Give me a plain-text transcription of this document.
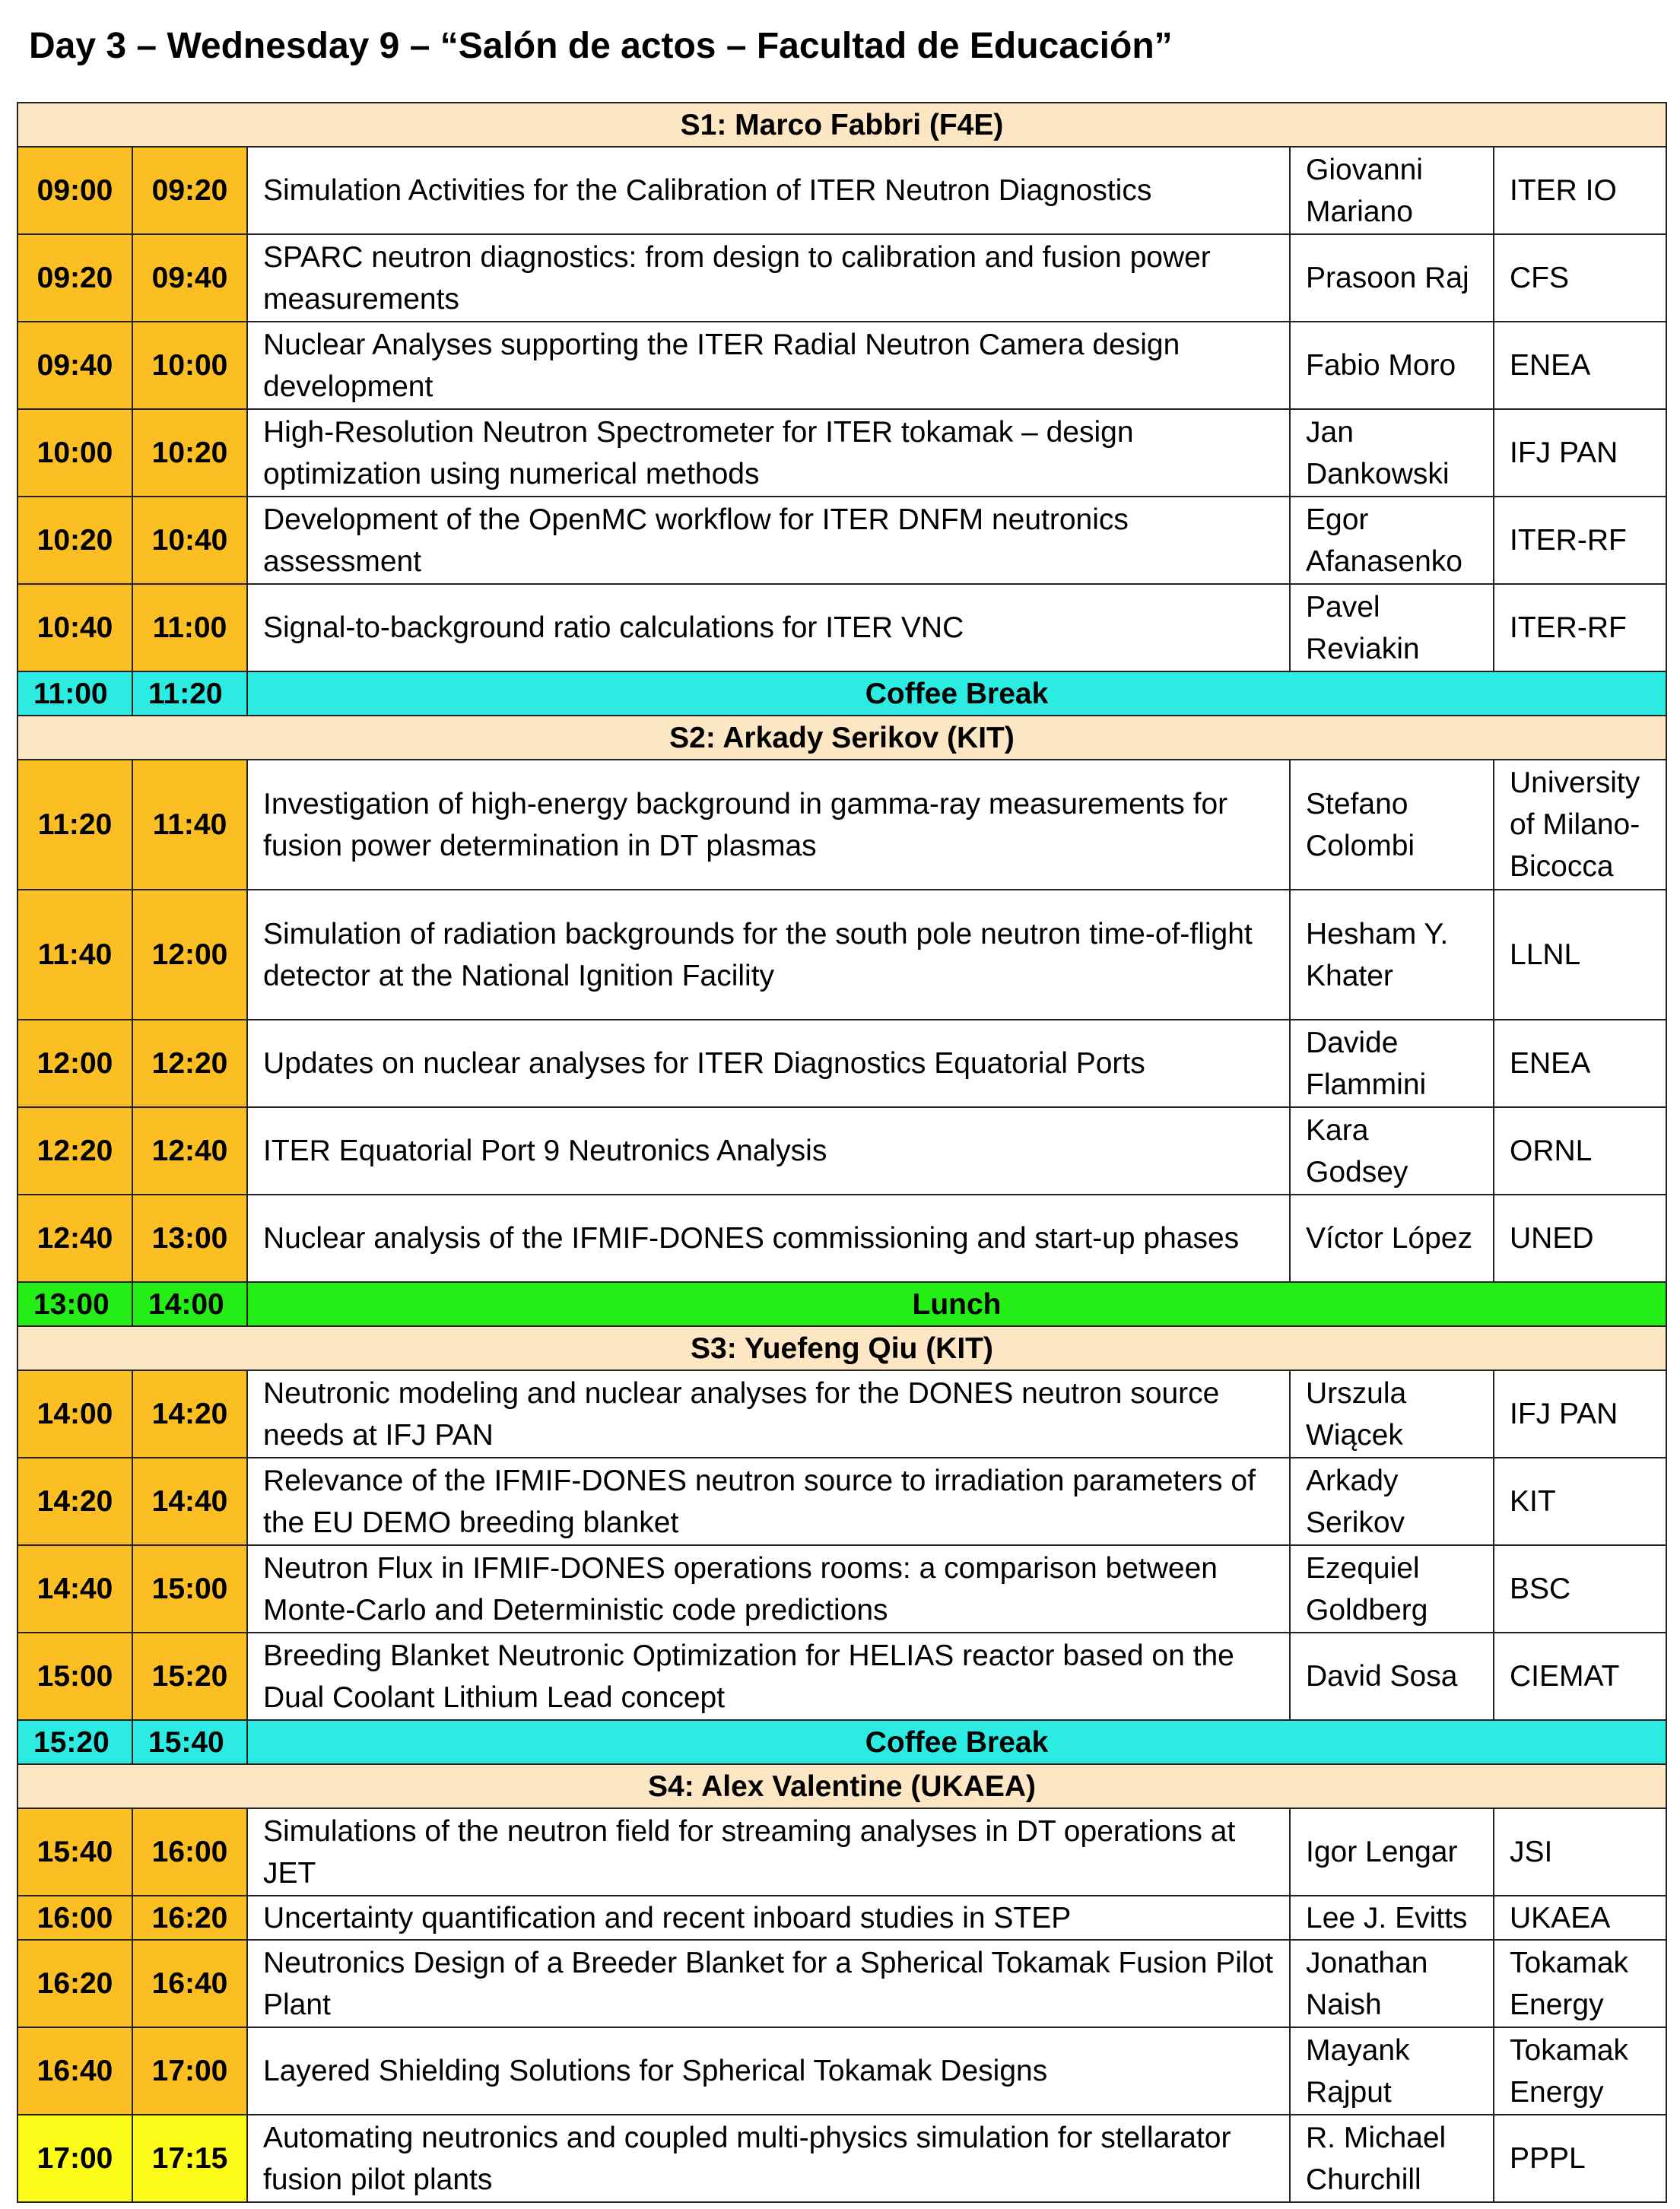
Day 3 – Wednesday 9 – “Salón de actos – Facultad de Educación”
S1: Marco Fabbri (F4E)				
09:00	09:20	Simulation Activities for the Calibration of ITER Neutron Diagnostics	Giovanni Mariano	ITER IO
09:20	09:40	SPARC neutron diagnostics: from design to calibration and fusion power measurements	Prasoon Raj	CFS
09:40	10:00	Nuclear Analyses supporting the ITER Radial Neutron Camera design development	Fabio Moro	ENEA
10:00	10:20	High-Resolution Neutron Spectrometer for ITER tokamak – design optimization using numerical methods	Jan Dankowski	IFJ PAN
10:20	10:40	Development of the OpenMC workflow for ITER DNFM neutronics assessment	Egor Afanasenko	ITER-RF
10:40	11:00	Signal-to-background ratio calculations for ITER VNC	Pavel Reviakin	ITER-RF
11:00	11:20	Coffee Break		
S2: Arkady Serikov (KIT)				
11:20	11:40	Investigation of high-energy background in gamma-ray measurements for fusion power determination in DT plasmas	Stefano Colombi	University of Milano-Bicocca
11:40	12:00	Simulation of radiation backgrounds for the south pole neutron time-of-flight detector at the National Ignition Facility	Hesham Y. Khater	LLNL
12:00	12:20	Updates on nuclear analyses for ITER Diagnostics Equatorial Ports	Davide Flammini	ENEA
12:20	12:40	ITER Equatorial Port 9 Neutronics Analysis	Kara Godsey	ORNL
12:40	13:00	Nuclear analysis of the IFMIF-DONES commissioning and start-up phases	Víctor López	UNED
13:00	14:00	Lunch		
S3: Yuefeng Qiu (KIT)				
14:00	14:20	Neutronic modeling and nuclear analyses for the DONES neutron source needs at IFJ PAN	Urszula Wiącek	IFJ PAN
14:20	14:40	Relevance of the IFMIF-DONES neutron source to irradiation parameters of the EU DEMO breeding blanket	Arkady Serikov	KIT
14:40	15:00	Neutron Flux in IFMIF-DONES operations rooms: a comparison between Monte-Carlo and Deterministic code predictions	Ezequiel Goldberg	BSC
15:00	15:20	Breeding Blanket Neutronic Optimization for HELIAS reactor based on the Dual Coolant Lithium Lead concept	David Sosa	CIEMAT
15:20	15:40	Coffee Break		
S4: Alex Valentine (UKAEA)				
15:40	16:00	Simulations of the neutron field for streaming analyses in DT operations at JET	Igor Lengar	JSI
16:00	16:20	Uncertainty quantification and recent inboard studies in STEP	Lee J. Evitts	UKAEA
16:20	16:40	Neutronics Design of a Breeder Blanket for a Spherical Tokamak Fusion Pilot Plant	Jonathan Naish	Tokamak Energy
16:40	17:00	Layered Shielding Solutions for Spherical Tokamak Designs	Mayank Rajput	Tokamak Energy
17:00	17:15	Automating neutronics and coupled multi-physics simulation for stellarator fusion pilot plants	R. Michael Churchill	PPPL
